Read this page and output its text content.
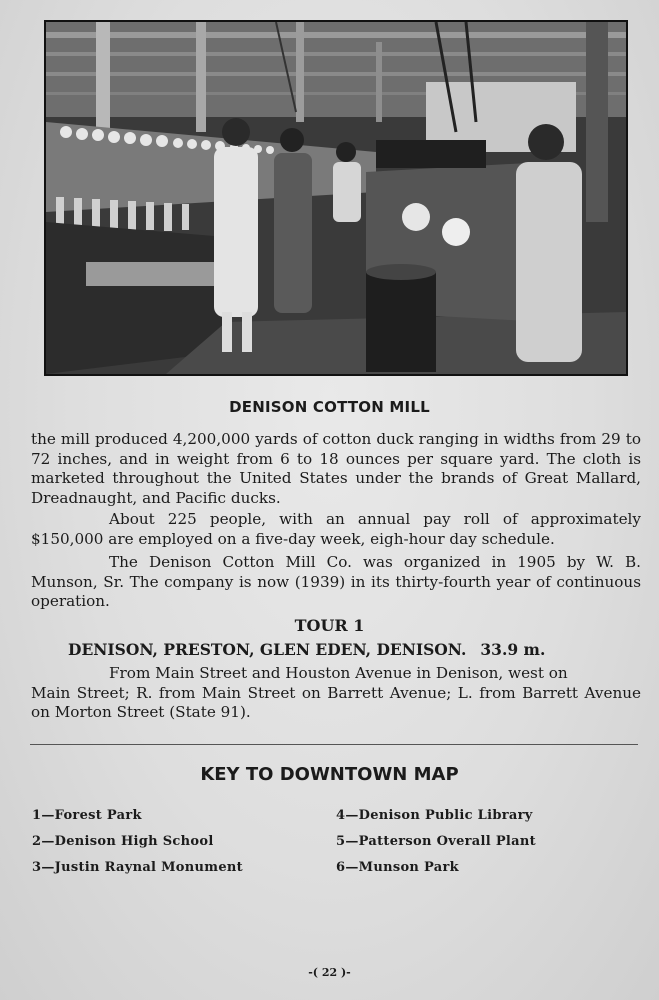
DENISON COTTON MILL
the mill produced 4,200,000 yards of cotton duck ranging in widths from 29 to 72 inches, and in weight from 6 to 18 ounces per square yard. The cloth is marketed throughout the United States under the brands of Great Mallard, Dreadnaught, and Pacific ducks.
About 225 people, with an annual pay roll of approximately $150,000 are employed on a five-day week, eigh-hour day schedule.
The Denison Cotton Mill Co. was organized in 1905 by W. B. Munson, Sr. The company is now (1939) in its thirty-fourth year of continuous operation.
TOUR 1
DENISON, PRESTON, GLEN EDEN, DENISON. 33.9 m.
From Main Street and Houston Avenue in Denison, west on
Main Street; R. from Main Street on Barrett Avenue; L. from Barrett Avenue on Morton Street (State 91).
KEY TO DOWNTOWN MAP
1—Forest Park
2—Denison High School
3—Justin Raynal Monument
4—Denison Public Library
5—Patterson Overall Plant
6—Munson Park
-( 22 )-
